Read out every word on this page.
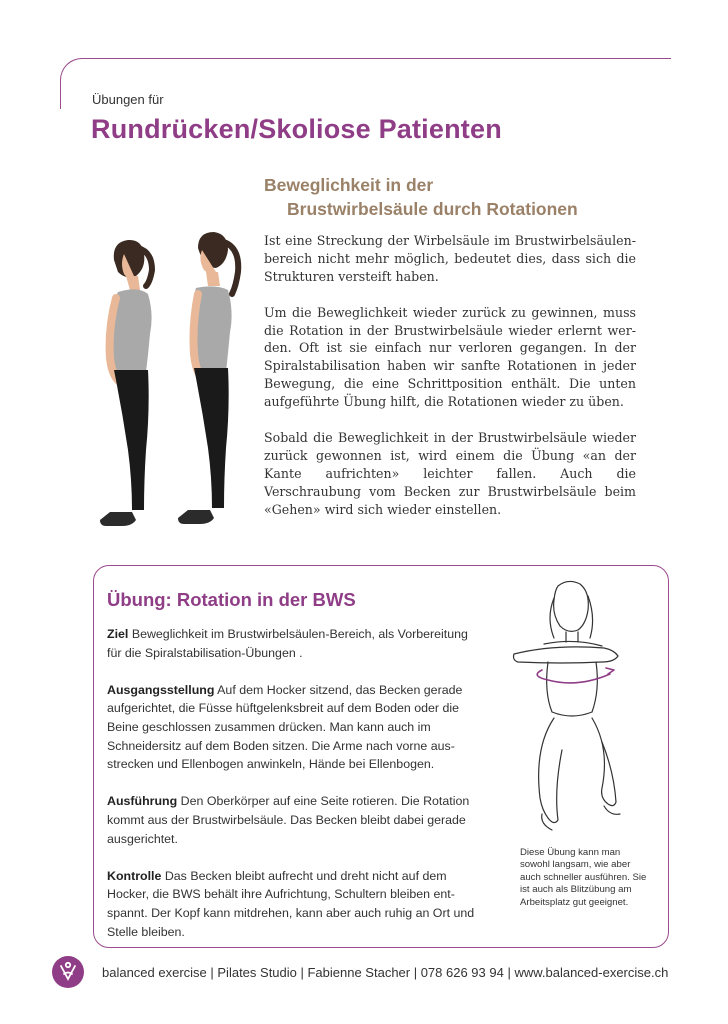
Übungen für
Rundrücken/Skoliose Patienten
Beweglichkeit in der
Brustwirbelsäule durch Rotationen

Ist eine Streckung der Wirbelsäule im Brustwirbelsäulenbereich nicht mehr möglich, bedeutet dies, dass sich die Strukturen versteift haben.

Um die Beweglichkeit wieder zurück zu gewinnen, muss die Rotation in der Brustwirbelsäule wieder erlernt werden. Oft ist sie einfach nur verloren gegangen. In der Spiralstabilisation haben wir sanfte Rotationen in jeder Bewegung, die eine Schrittposition enthält. Die unten aufgeführte Übung hilft, die Rotationen wieder zu üben.

Sobald die Beweglichkeit in der Brustwirbelsäule wieder zurück gewonnen ist, wird einem die Übung «an der Kante aufrichten» leichter fallen. Auch die Verschraubung vom Becken zur Brustwirbelsäule beim «Gehen» wird sich wieder einstellen.

Übung: Rotation in der BWS

Ziel Beweglichkeit im Brustwirbelsäulen-Bereich, als Vorbereitung für die Spiralstabilisation-Übungen .

Ausgangsstellung Auf dem Hocker sitzend, das Becken gerade aufgerichtet, die Füsse hüftgelenksbreit auf dem Boden oder die Beine geschlossen zusammen drücken. Man kann auch im Schneidersitz auf dem Boden sitzen. Die Arme nach vorne ausstrecken und Ellenbogen anwinkeln, Hände bei Ellenbogen.

Ausführung Den Oberkörper auf eine Seite rotieren. Die Rotation kommt aus der Brustwirbelsäule. Das Becken bleibt dabei gerade ausgerichtet.

Kontrolle Das Becken bleibt aufrecht und dreht nicht auf dem Hocker, die BWS behält ihre Aufrichtung, Schultern bleiben entspannt. Der Kopf kann mitdrehen, kann aber auch ruhig an Ort und Stelle bleiben.

Diese Übung kann man sowohl langsam, wie aber auch schneller ausführen. Sie ist auch als Blitzübung am Arbeitsplatz gut geeignet.
balanced exercise | Pilates Studio | Fabienne Stacher | 078 626 93 94 | www.balanced-exercise.ch
